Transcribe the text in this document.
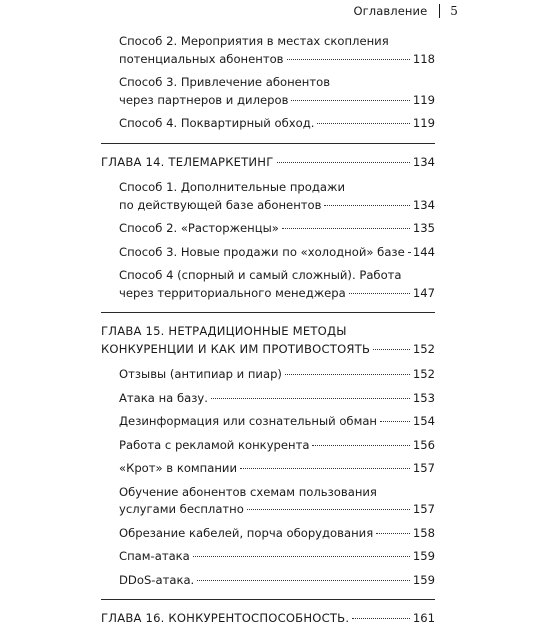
Оглавление 5
Способ 2. Мероприятия в местах скопления
потенциальных абонентов	118
Способ 3. Привлечение абонентов
через партнеров и дилеров	119
Способ 4. Поквартирный обход.	119
ГЛАВА 14. ТЕЛЕМАРКЕТИНГ	134
Способ 1. Дополнительные продажи
по действующей базе абонентов	134
Способ 2. «Расторженцы»	135
Способ 3. Новые продажи по «холодной» базе 144
Способ 4 (спорный и самый сложный). Работа
через территориального менеджера	147
ГЛАВА 15. НЕТРАДИЦИОННЫЕ МЕТОДЫ
КОНКУРЕНЦИИ И КАК ИМ ПРОТИВОСТОЯТЬ	152
Отзывы (антипиар и пиар)	152
Атака на базу.	153
Дезинформация или сознательный обман	154
Работа с рекламой конкурента	156
«Крот» в компании	157
Обучение абонентов схемам пользования
услугами бесплатно	157
Обрезание кабелей, порча оборудования	158
Спам-атака	159
DDoS-атака.	159
ГЛАВА 16. КОНКУРЕНТОСПОСОБНОСТЬ.	161
